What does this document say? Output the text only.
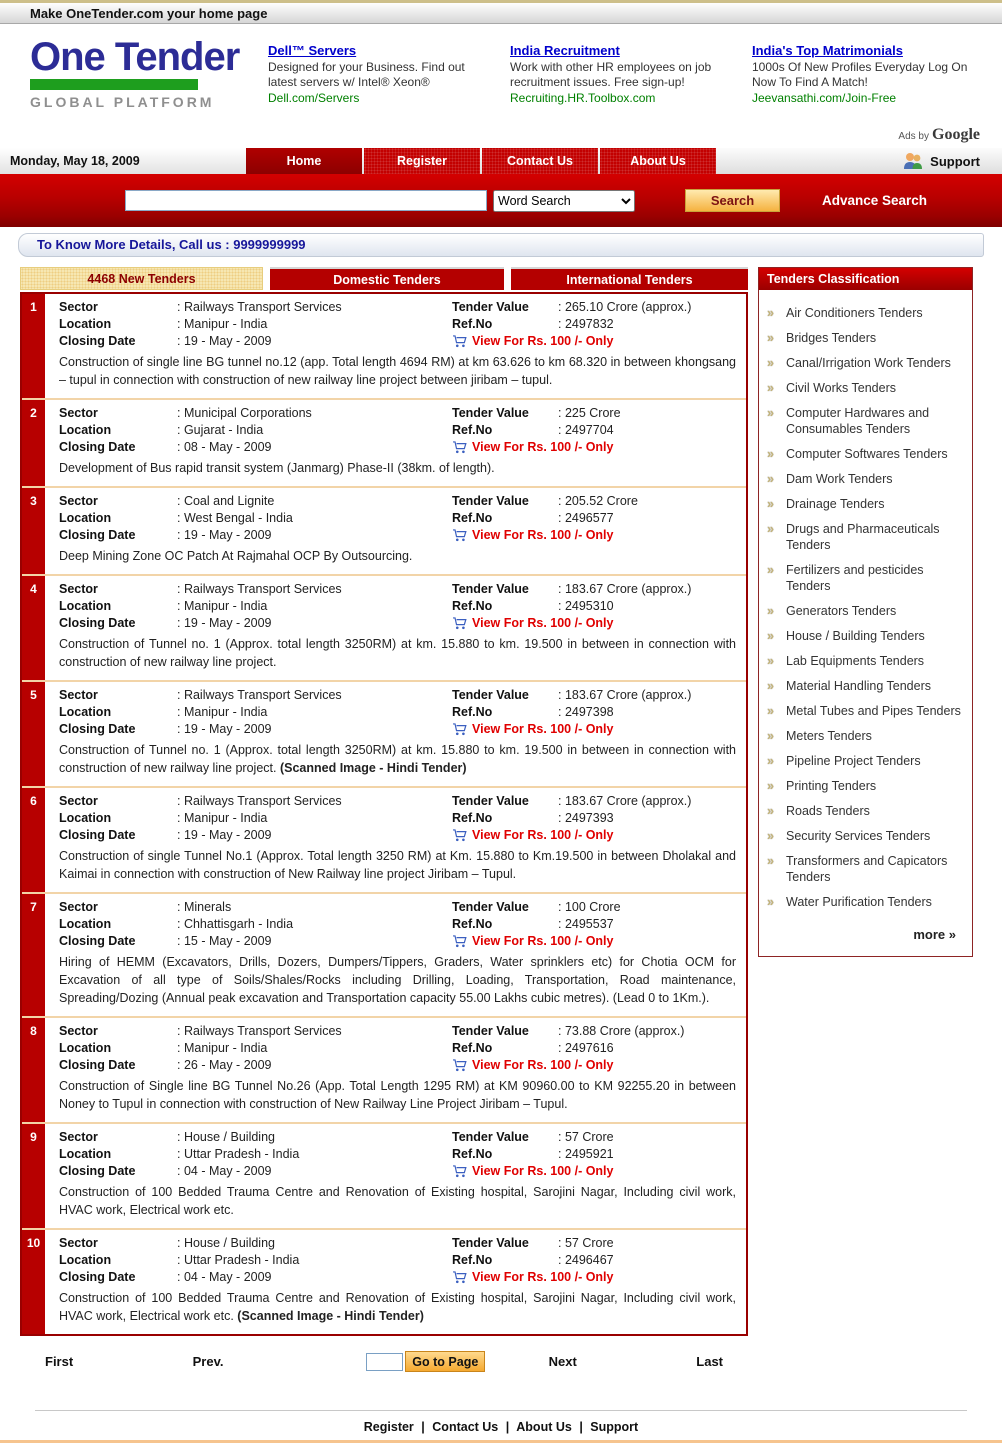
Make OneTender.com your home page
One Tender
GLOBAL PLATFORM
Dell™ Servers
Designed for your Business. Find out latest servers w/ Intel® Xeon®
Dell.com/Servers
India Recruitment
Work with other HR employees on job recruitment issues. Free sign-up!
Recruiting.HR.Toolbox.com
India's Top Matrimonials
1000s Of New Profiles Everyday Log On Now To Find A Match!
Jeevansathi.com/Join-Free
Ads by Google
Monday, May 18, 2009	Home	Register	Contact Us	About Us	Support
Word Search
Search	Advance Search
To Know More Details, Call us : 9999999999
4468 New Tenders	Domestic Tenders	International Tenders
1	Sector	: Railways Transport Services	Tender Value	: 265.10 Crore (approx.)
Location	: Manipur - India	Ref.No	: 2497832
Closing Date	: 19 - May - 2009	View For Rs. 100 /- Only
Construction of single line BG tunnel no.12 (app. Total length 4694 RM) at km 63.626 to km 68.320 in between khongsang – tupul in connection with construction of new railway line project between jiribam – tupul.
2	Sector	: Municipal Corporations	Tender Value	: 225 Crore
Location	: Gujarat - India	Ref.No	: 2497704
Closing Date	: 08 - May - 2009	View For Rs. 100 /- Only
Development of Bus rapid transit system (Janmarg) Phase-II (38km. of length).
3	Sector	: Coal and Lignite	Tender Value	: 205.52 Crore
Location	: West Bengal - India	Ref.No	: 2496577
Closing Date	: 19 - May - 2009	View For Rs. 100 /- Only
Deep Mining Zone OC Patch At Rajmahal OCP By Outsourcing.
4	Sector	: Railways Transport Services	Tender Value	: 183.67 Crore (approx.)
Location	: Manipur - India	Ref.No	: 2495310
Closing Date	: 19 - May - 2009	View For Rs. 100 /- Only
Construction of Tunnel no. 1 (Approx. total length 3250RM) at km. 15.880 to km. 19.500 in between in connection with construction of new railway line project.
5	Sector	: Railways Transport Services	Tender Value	: 183.67 Crore (approx.)
Location	: Manipur - India	Ref.No	: 2497398
Closing Date	: 19 - May - 2009	View For Rs. 100 /- Only
Construction of Tunnel no. 1 (Approx. total length 3250RM) at km. 15.880 to km. 19.500 in between in connection with construction of new railway line project. (Scanned Image - Hindi Tender)
6	Sector	: Railways Transport Services	Tender Value	: 183.67 Crore (approx.)
Location	: Manipur - India	Ref.No	: 2497393
Closing Date	: 19 - May - 2009	View For Rs. 100 /- Only
Construction of single Tunnel No.1 (Approx. Total length 3250 RM) at Km. 15.880 to Km.19.500 in between Dholakal and Kaimai in connection with construction of New Railway line project Jiribam – Tupul.
7	Sector	: Minerals	Tender Value	: 100 Crore
Location	: Chhattisgarh - India	Ref.No	: 2495537
Closing Date	: 15 - May - 2009	View For Rs. 100 /- Only
Hiring of HEMM (Excavators, Drills, Dozers, Dumpers/Tippers, Graders, Water sprinklers etc) for Chotia OCM for Excavation of all type of Soils/Shales/Rocks including Drilling, Loading, Transportation, Road maintenance, Spreading/Dozing (Annual peak excavation and Transportation capacity 55.00 Lakhs cubic metres). (Lead 0 to 1Km.).
8	Sector	: Railways Transport Services	Tender Value	: 73.88 Crore (approx.)
Location	: Manipur - India	Ref.No	: 2497616
Closing Date	: 26 - May - 2009	View For Rs. 100 /- Only
Construction of Single line BG Tunnel No.26 (App. Total Length 1295 RM) at KM 90960.00 to KM 92255.20 in between Noney to Tupul in connection with construction of New Railway Line Project Jiribam – Tupul.
9	Sector	: House / Building	Tender Value	: 57 Crore
Location	: Uttar Pradesh - India	Ref.No	: 2495921
Closing Date	: 04 - May - 2009	View For Rs. 100 /- Only
Construction of 100 Bedded Trauma Centre and Renovation of Existing hospital, Sarojini Nagar, Including civil work, HVAC work, Electrical work etc.
10	Sector	: House / Building	Tender Value	: 57 Crore
Location	: Uttar Pradesh - India	Ref.No	: 2496467
Closing Date	: 04 - May - 2009	View For Rs. 100 /- Only
Construction of 100 Bedded Trauma Centre and Renovation of Existing hospital, Sarojini Nagar, Including civil work, HVAC work, Electrical work etc. (Scanned Image - Hindi Tender)
First	Prev.	Go to Page	Next	Last
Tenders Classification
» Air Conditioners Tenders
» Bridges Tenders
» Canal/Irrigation Work Tenders
» Civil Works Tenders
» Computer Hardwares and Consumables Tenders
» Computer Softwares Tenders
» Dam Work Tenders
» Drainage Tenders
» Drugs and Pharmaceuticals Tenders
» Fertilizers and pesticides Tenders
» Generators Tenders
» House / Building Tenders
» Lab Equipments Tenders
» Material Handling Tenders
» Metal Tubes and Pipes Tenders
» Meters Tenders
» Pipeline Project Tenders
» Printing Tenders
» Roads Tenders
» Security Services Tenders
» Transformers and Capicators Tenders
» Water Purification Tenders
more »
Register | Contact Us | About Us | Support
